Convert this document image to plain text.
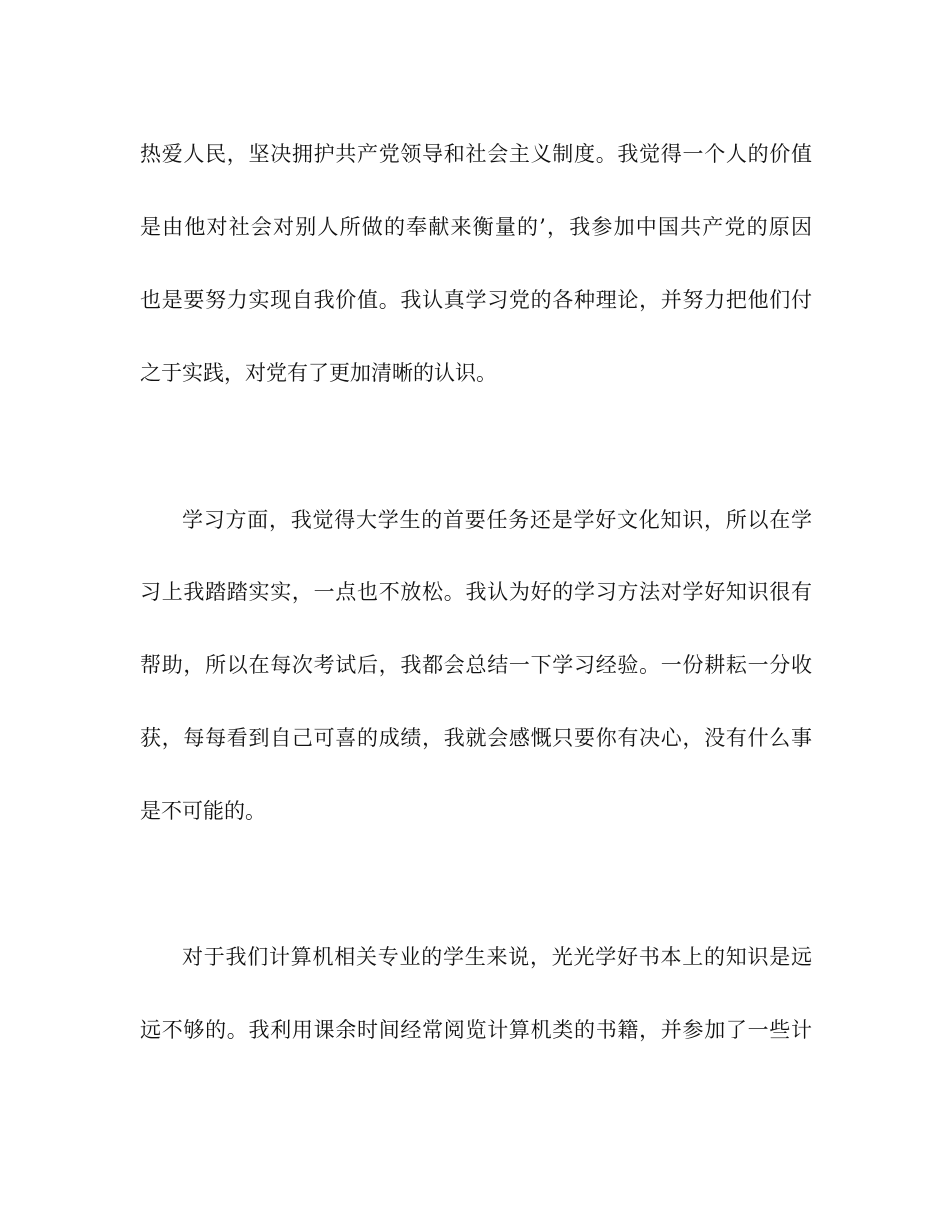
热爱人民，坚决拥护共产党领导和社会主义制度。我觉得一个人的价值
是由他对社会对别人所做的奉献来衡量的’，我参加中国共产党的原因
也是要努力实现自我价值。我认真学习党的各种理论，并努力把他们付
之于实践，对党有了更加清晰的认识。
学习方面，我觉得大学生的首要任务还是学好文化知识，所以在学
习上我踏踏实实，一点也不放松。我认为好的学习方法对学好知识很有
帮助，所以在每次考试后，我都会总结一下学习经验。一份耕耘一分收
获，每每看到自己可喜的成绩，我就会感慨只要你有决心，没有什么事
是不可能的。
对于我们计算机相关专业的学生来说，光光学好书本上的知识是远
远不够的。我利用课余时间经常阅览计算机类的书籍，并参加了一些计
